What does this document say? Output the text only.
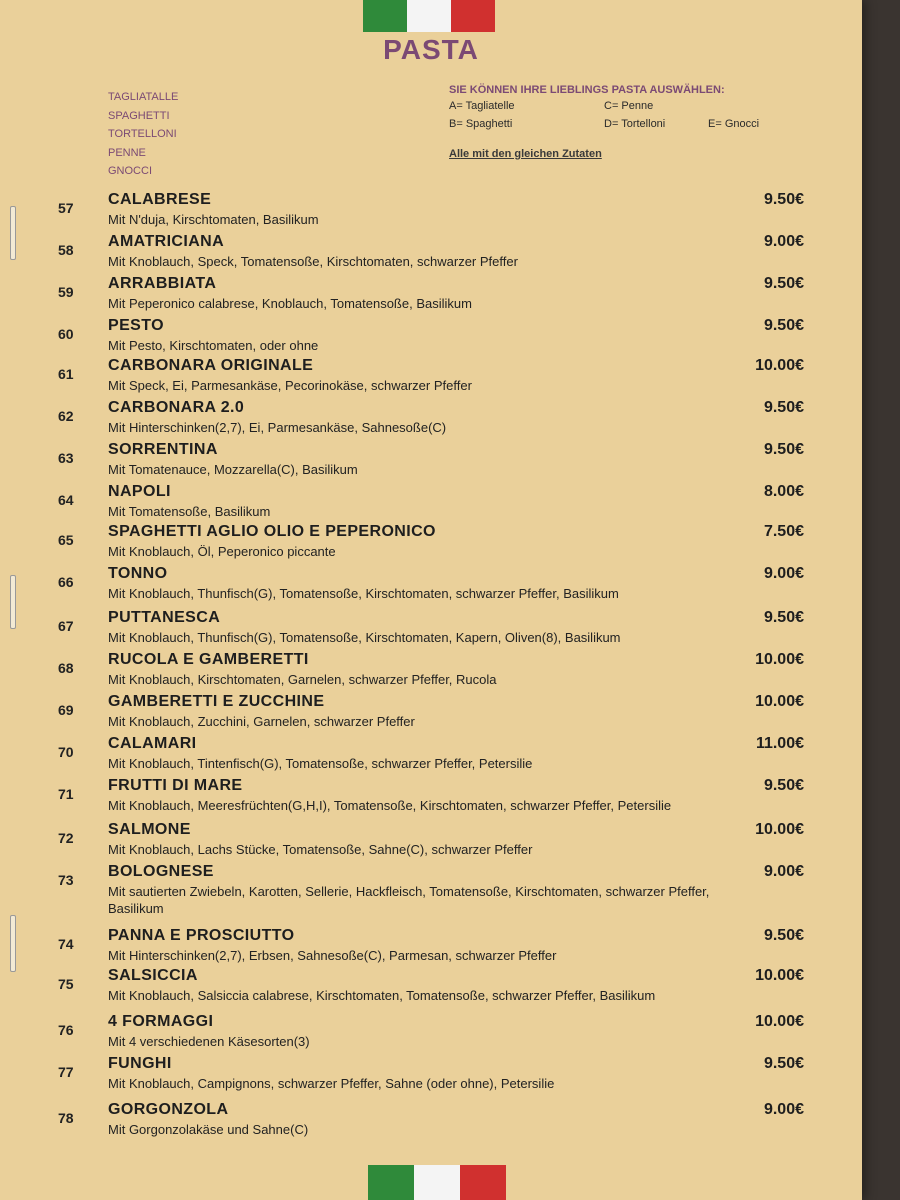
PASTA
TAGLIATALLE
SPAGHETTI
TORTELLONI
PENNE
GNOCCI
SIE KÖNNEN IHRE LIEBLINGS PASTA AUSWÄHLEN:
A= Tagliatelle	C= Penne
B= Spaghetti	D= Tortelloni	E= Gnocci
Alle mit den gleichen Zutaten
57	CALABRESE
Mit N'duja, Kirschtomaten, Basilikum
9.50€
58	AMATRICIANA
Mit Knoblauch, Speck, Tomatensoße, Kirschtomaten, schwarzer Pfeffer
9.00€
59	ARRABBIATA
Mit Peperonico calabrese, Knoblauch, Tomatensoße, Basilikum
9.50€
60	PESTO
Mit Pesto, Kirschtomaten, oder ohne
9.50€
61	CARBONARA ORIGINALE
Mit Speck, Ei, Parmesankäse, Pecorinokäse, schwarzer Pfeffer
10.00€
62	CARBONARA 2.0
Mit Hinterschinken(2,7), Ei, Parmesankäse, Sahnesoße(C)
9.50€
63	SORRENTINA
Mit Tomatenauce, Mozzarella(C), Basilikum
9.50€
64	NAPOLI
Mit Tomatensoße, Basilikum
8.00€
65	SPAGHETTI AGLIO OLIO E PEPERONICO
Mit Knoblauch, Öl, Peperonico piccante
7.50€
66	TONNO
Mit Knoblauch, Thunfisch(G), Tomatensoße, Kirschtomaten, schwarzer Pfeffer, Basilikum
9.00€
67	PUTTANESCA
Mit Knoblauch, Thunfisch(G), Tomatensoße, Kirschtomaten, Kapern, Oliven(8), Basilikum
9.50€
68	RUCOLA E GAMBERETTI
Mit Knoblauch, Kirschtomaten, Garnelen, schwarzer Pfeffer, Rucola
10.00€
69	GAMBERETTI E ZUCCHINE
Mit Knoblauch, Zucchini, Garnelen, schwarzer Pfeffer
10.00€
70	CALAMARI
Mit Knoblauch, Tintenfisch(G), Tomatensoße, schwarzer Pfeffer, Petersilie
11.00€
71	FRUTTI DI MARE
Mit Knoblauch, Meeresfrüchten(G,H,I), Tomatensoße, Kirschtomaten, schwarzer Pfeffer, Petersilie
9.50€
72	SALMONE
Mit Knoblauch, Lachs Stücke, Tomatensoße, Sahne(C), schwarzer Pfeffer
10.00€
73	BOLOGNESE
Mit sautierten Zwiebeln, Karotten, Sellerie, Hackfleisch, Tomatensoße, Kirschtomaten, schwarzer Pfeffer, Basilikum
9.00€
74	PANNA E PROSCIUTTO
Mit Hinterschinken(2,7), Erbsen, Sahnesoße(C), Parmesan, schwarzer Pfeffer
9.50€
75	SALSICCIA
Mit Knoblauch, Salsiccia calabrese, Kirschtomaten, Tomatensoße, schwarzer Pfeffer, Basilikum
10.00€
76	4 FORMAGGI
Mit 4 verschiedenen Käsesorten(3)
10.00€
77	FUNGHI
Mit Knoblauch, Campignons, schwarzer Pfeffer, Sahne (oder ohne), Petersilie
9.50€
78	GORGONZOLA
Mit Gorgonzolakäse und Sahne(C)
9.00€
